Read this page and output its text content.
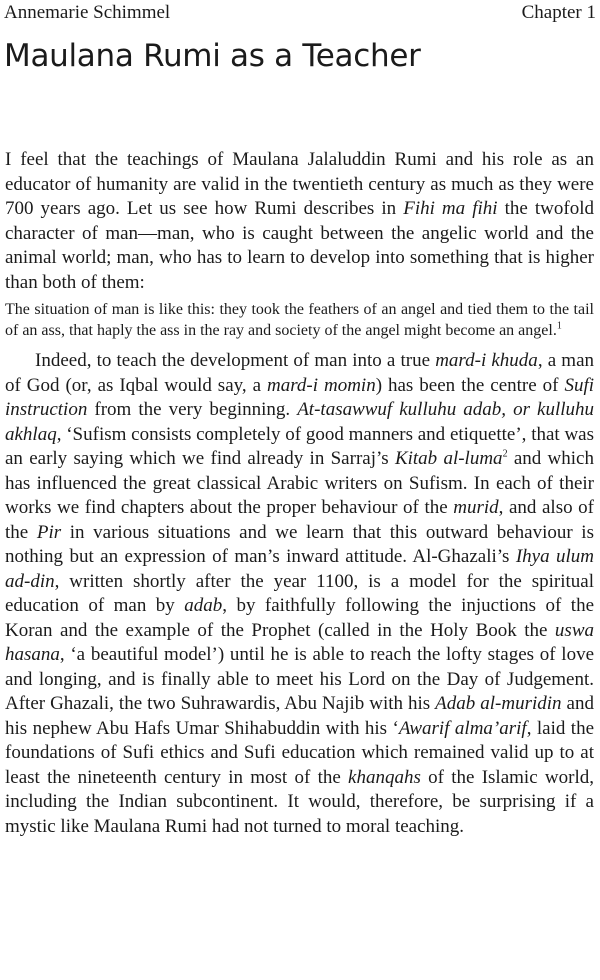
Annemarie Schimmel	Chapter 1
Maulana Rumi as a Teacher

I feel that the teachings of Maulana Jalaluddin Rumi and his role as an educator of humanity are valid in the twentieth century as much as they were 700 years ago. Let us see how Rumi describes in Fihi ma fihi the twofold character of man—man, who is caught between the angelic world and the animal world; man, who has to learn to develop into something that is higher than both of them:

The situation of man is like this: they took the feathers of an angel and tied them to the tail of an ass, that haply the ass in the ray and society of the angel might become an angel.$^1$

Indeed, to teach the development of man into a true mard-i khuda, a man of God (or, as Iqbal would say, a mard-i momin) has been the centre of Sufi instruction from the very beginning. At-tasawwuf kulluhu adab, or kulluhu akhlaq, ‘Sufism consists completely of good manners and etiquette’, that was an early saying which we find already in Sarraj’s Kitab al-luma$^2$ and which has influenced the great classical Arabic writers on Sufism. In each of their works we find chapters about the proper behaviour of the murid, and also of the Pir in various situations and we learn that this outward behaviour is nothing but an expression of man’s inward attitude. Al-Ghazali’s Ihya ulum ad-din, written shortly after the year 1100, is a model for the spiritual education of man by adab, by faithfully following the injuctions of the Koran and the example of the Prophet (called in the Holy Book the uswa hasana, ‘a beautiful model’) until he is able to reach the lofty stages of love and longing, and is finally able to meet his Lord on the Day of Judgement. After Ghazali, the two Suhrawardis, Abu Najib with his Adab al-muridin and his nephew Abu Hafs Umar Shihabuddin with his ‘Awarif alma’arif, laid the foundations of Sufi ethics and Sufi education which remained valid up to at least the nineteenth century in most of the khanqahs of the Islamic world, including the Indian subcontinent. It would, therefore, be surprising if a mystic like Maulana Rumi had not turned to moral teaching.
